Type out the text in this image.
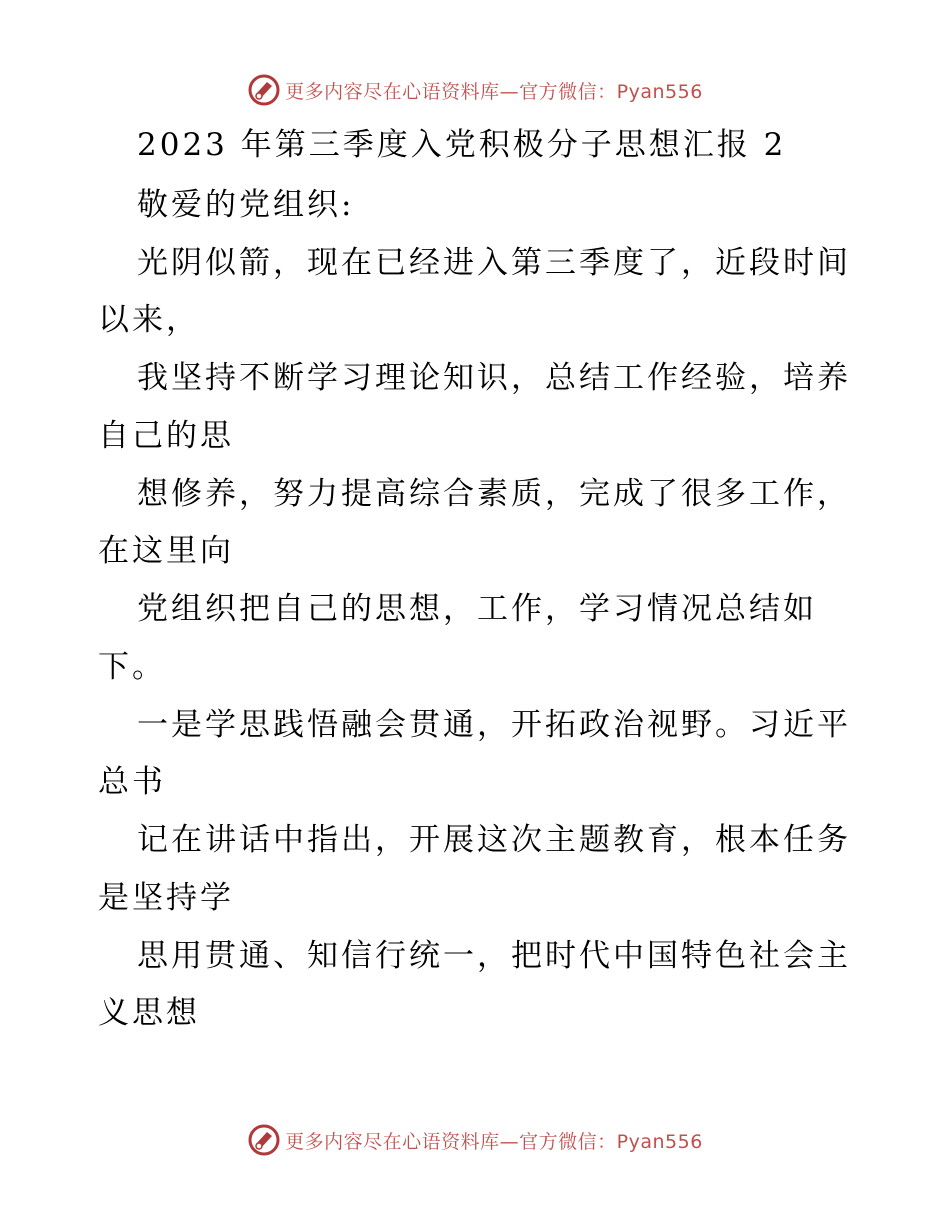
更多内容尽在心语资料库—官方微信：Pyan556
2023 年第三季度入党积极分子思想汇报 2
敬爱的党组织:
光阴似箭，现在已经进入第三季度了，近段时间
以来，
我坚持不断学习理论知识，总结工作经验，培养
自己的思
想修养，努力提高综合素质，完成了很多工作，
在这里向
党组织把自己的思想，工作，学习情况总结如
下。
一是学思践悟融会贯通，开拓政治视野。习近平
总书
记在讲话中指出，开展这次主题教育，根本任务
是坚持学
思用贯通、知信行统一，把时代中国特色社会主
义思想
更多内容尽在心语资料库—官方微信：Pyan556
